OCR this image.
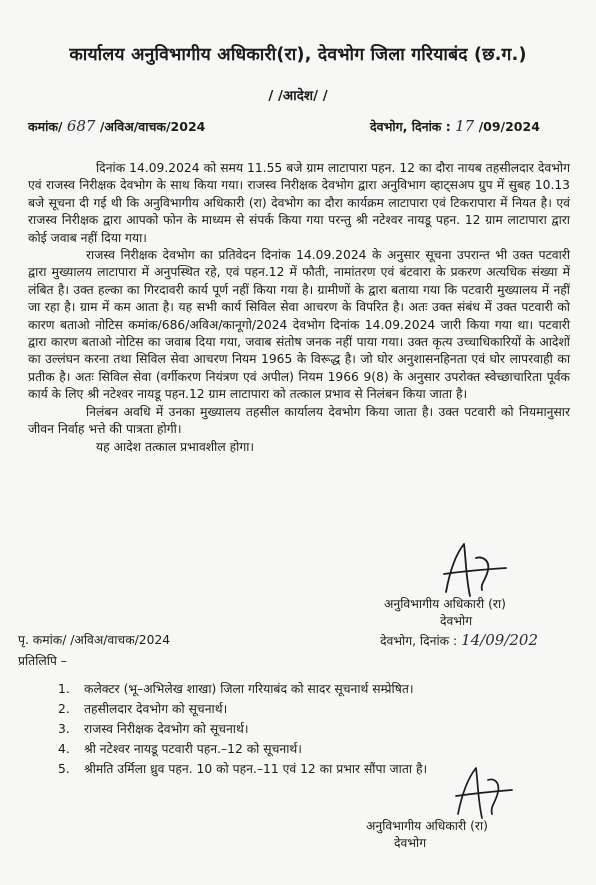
कार्यालय अनुविभागीय अधिकारी(रा), देवभोग जिला गरियाबंद (छ.ग.)
/ /आदेश/ /
कमांक/ 687 /अविअ/वाचक/2024	देवभोग, दिनांक : 17 /09/2024

दिनांक 14.09.2024 को समय 11.55 बजे ग्राम लाटापारा पहन. 12 का दौरा नायब तहसीलदार देवभोग एवं राजस्व निरीक्षक देवभोग के साथ किया गया। राजस्व निरीक्षक देवभोग द्वारा अनुविभाग व्हाट्सअप ग्रुप में सुबह 10.13 बजे सूचना दी गई थी कि अनुविभागीय अधिकारी (रा) देवभोग का दौरा कार्यक्रम लाटापारा एवं टिकरापारा में नियत है। एवं राजस्व निरीक्षक द्वारा आपको फोन के माध्यम से संपर्क किया गया परन्तु श्री नटेश्वर नायडू पहन. 12 ग्राम लाटापारा द्वारा कोई जवाब नहीं दिया गया।

राजस्व निरीक्षक देवभोग का प्रतिवेदन दिनांक 14.09.2024 के अनुसार सूचना उपरान्त भी उक्त पटवारी द्वारा मुख्यालय लाटापारा में अनुपस्थित रहे, एवं पहन.12 में फौती, नामांतरण एवं बंटवारा के प्रकरण अत्यधिक संख्या में लंबित है। उक्त हल्का का गिरदावरी कार्य पूर्ण नहीं किया गया है। ग्रामीणों के द्वारा बताया गया कि पटवारी मुख्यालय में नहीं जा रहा है। ग्राम में कम आता है। यह सभी कार्य सिविल सेवा आचरण के विपरित है। अतः उक्त संबंध में उक्त पटवारी को कारण बताओ नोटिस कमांक/686/अविअ/कानूगो/2024 देवभोग दिनांक 14.09.2024 जारी किया गया था। पटवारी द्वारा कारण बताओ नोटिस का जवाब दिया गया, जवाब संतोष जनक नहीं पाया गया। उक्त कृत्य उच्चाधिकारियों के आदेशों का उल्लंघन करना तथा सिविल सेवा आचरण नियम 1965 के विरूद्ध है। जो घोर अनुशासनहिनता एवं घोर लापरवाही का प्रतीक है। अतः सिविल सेवा (वर्गीकरण नियंत्रण एवं अपील) नियम 1966 9(8) के अनुसार उपरोक्त स्वेच्छाचारिता पूर्वक कार्य के लिए श्री नटेश्वर नायडू पहन.12 ग्राम लाटापारा को तत्काल प्रभाव से निलंबन किया जाता है।

निलंबन अवधि में उनका मुख्यालय तहसील कार्यालय देवभोग किया जाता है। उक्त पटवारी को नियमानुसार जीवन निर्वाह भत्ते की पात्रता होगी।

यह आदेश तत्काल प्रभावशील होगा।

अनुविभागीय अधिकारी (रा)
देवभोग
पृ. कमांक/ /अविअ/वाचक/2024	देवभोग, दिनांक : 14/09/202
प्रतिलिपि –
1. कलेक्टर (भू–अभिलेख शाखा) जिला गरियाबंद को सादर सूचनार्थ सम्प्रेषित।
2. तहसीलदार देवभोग को सूचनार्थ।
3. राजस्व निरीक्षक देवभोग को सूचनार्थ।
4. श्री नटेश्वर नायडू पटवारी पहन.–12 को सूचनार्थ।
5. श्रीमति उर्मिला ध्रुव पहन. 10 को पहन.–11 एवं 12 का प्रभार सौंपा जाता है।
अनुविभागीय अधिकारी (रा)
देवभोग
